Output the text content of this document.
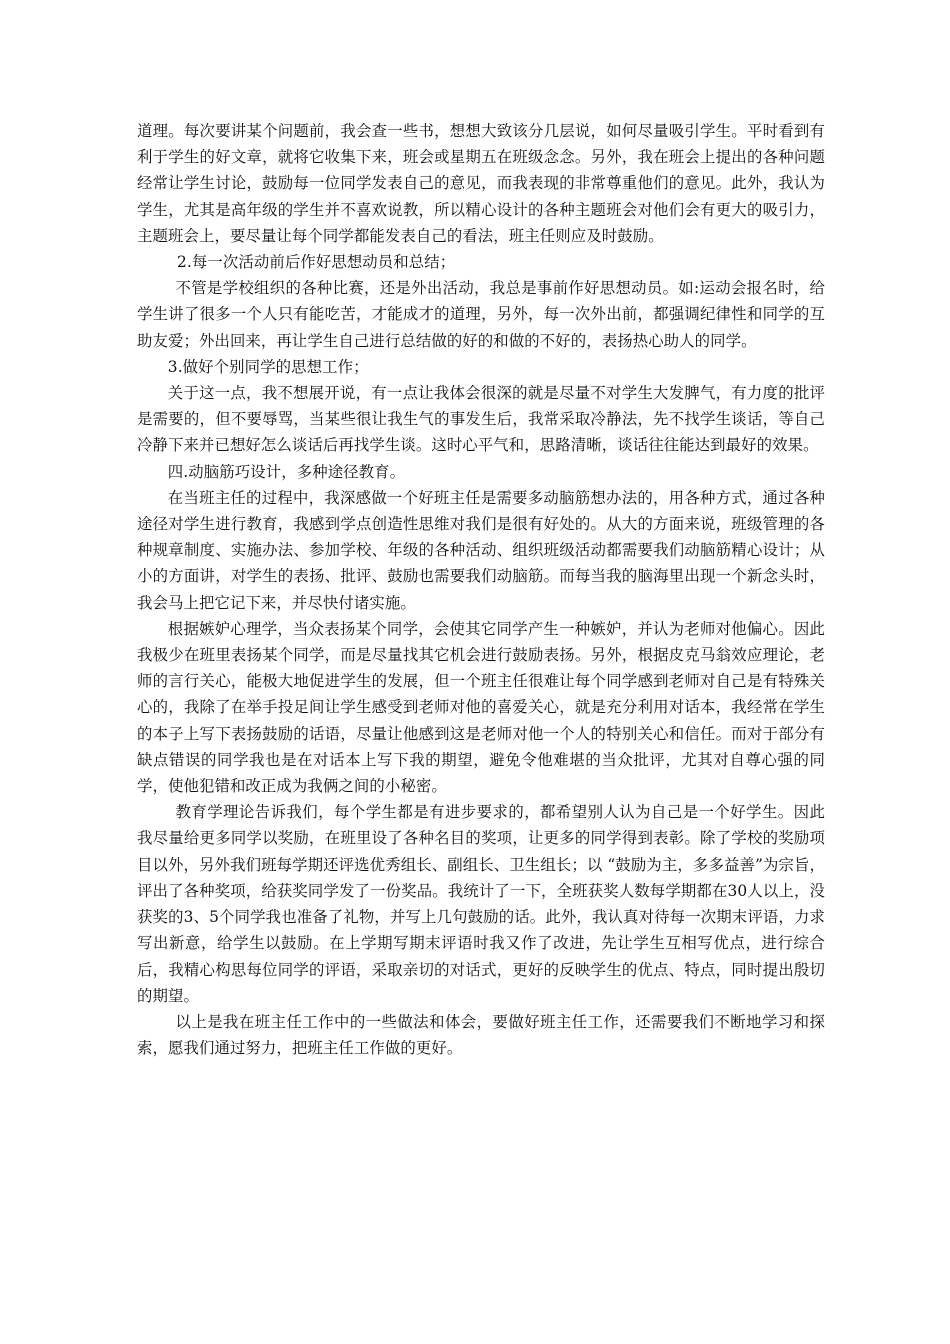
道理。每次要讲某个问题前，我会查一些书，想想大致该分几层说，如何尽量吸引学生。平时看到有利于学生的好文章，就将它收集下来，班会或星期五在班级念念。另外，我在班会上提出的各种问题经常让学生讨论，鼓励每一位同学发表自己的意见，而我表现的非常尊重他们的意见。此外，我认为学生，尤其是高年级的学生并不喜欢说教，所以精心设计的各种主题班会对他们会有更大的吸引力，主题班会上，要尽量让每个同学都能发表自己的看法，班主任则应及时鼓励。

2.每一次活动前后作好思想动员和总结；

不管是学校组织的各种比赛，还是外出活动，我总是事前作好思想动员。如:运动会报名时，给学生讲了很多一个人只有能吃苦，才能成才的道理，另外，每一次外出前，都强调纪律性和同学的互助友爱；外出回来，再让学生自己进行总结做的好的和做的不好的，表扬热心助人的同学。

3.做好个别同学的思想工作；

关于这一点，我不想展开说，有一点让我体会很深的就是尽量不对学生大发脾气，有力度的批评是需要的，但不要辱骂，当某些很让我生气的事发生后，我常采取冷静法，先不找学生谈话，等自己冷静下来并已想好怎么谈话后再找学生谈。这时心平气和，思路清晰，谈话往往能达到最好的效果。

四.动脑筋巧设计，多种途径教育。

在当班主任的过程中，我深感做一个好班主任是需要多动脑筋想办法的，用各种方式，通过各种途径对学生进行教育，我感到学点创造性思维对我们是很有好处的。从大的方面来说，班级管理的各种规章制度、实施办法、参加学校、年级的各种活动、组织班级活动都需要我们动脑筋精心设计；从小的方面讲，对学生的表扬、批评、鼓励也需要我们动脑筋。而每当我的脑海里出现一个新念头时，我会马上把它记下来，并尽快付诸实施。

根据嫉妒心理学，当众表扬某个同学，会使其它同学产生一种嫉妒，并认为老师对他偏心。因此我极少在班里表扬某个同学，而是尽量找其它机会进行鼓励表扬。另外，根据皮克马翁效应理论，老师的言行关心，能极大地促进学生的发展，但一个班主任很难让每个同学感到老师对自己是有特殊关心的，我除了在举手投足间让学生感受到老师对他的喜爱关心，就是充分利用对话本，我经常在学生的本子上写下表扬鼓励的话语，尽量让他感到这是老师对他一个人的特别关心和信任。而对于部分有缺点错误的同学我也是在对话本上写下我的期望，避免令他难堪的当众批评，尤其对自尊心强的同学，使他犯错和改正成为我俩之间的小秘密。

教育学理论告诉我们，每个学生都是有进步要求的，都希望别人认为自己是一个好学生。因此我尽量给更多同学以奖励，在班里设了各种名目的奖项，让更多的同学得到表彰。除了学校的奖励项目以外，另外我们班每学期还评选优秀组长、副组长、卫生组长；以 “鼓励为主，多多益善”为宗旨，评出了各种奖项，给获奖同学发了一份奖品。我统计了一下，全班获奖人数每学期都在30人以上，没获奖的3、5个同学我也准备了礼物，并写上几句鼓励的话。此外，我认真对待每一次期末评语，力求写出新意，给学生以鼓励。在上学期写期末评语时我又作了改进，先让学生互相写优点，进行综合后，我精心构思每位同学的评语，采取亲切的对话式，更好的反映学生的优点、特点，同时提出殷切的期望。

以上是我在班主任工作中的一些做法和体会，要做好班主任工作，还需要我们不断地学习和探索，愿我们通过努力，把班主任工作做的更好。
